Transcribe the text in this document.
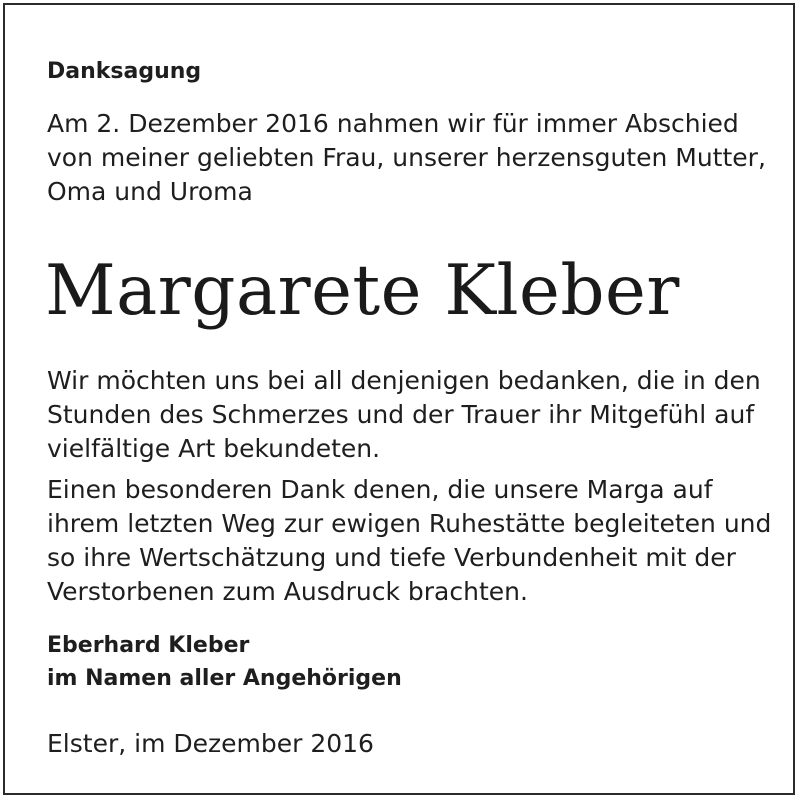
Danksagung

Am 2. Dezember 2016 nahmen wir für immer Abschied
von meiner geliebten Frau, unserer herzensguten Mutter,
Oma und Uroma

Margarete Kleber

Wir möchten uns bei all denjenigen bedanken, die in den
Stunden des Schmerzes und der Trauer ihr Mitgefühl auf
vielfältige Art bekundeten.

Einen besonderen Dank denen, die unsere Marga auf
ihrem letzten Weg zur ewigen Ruhestätte begleiteten und
so ihre Wertschätzung und tiefe Verbundenheit mit der
Verstorbenen zum Ausdruck brachten.

Eberhard Kleber
im Namen aller Angehörigen

Elster, im Dezember 2016
